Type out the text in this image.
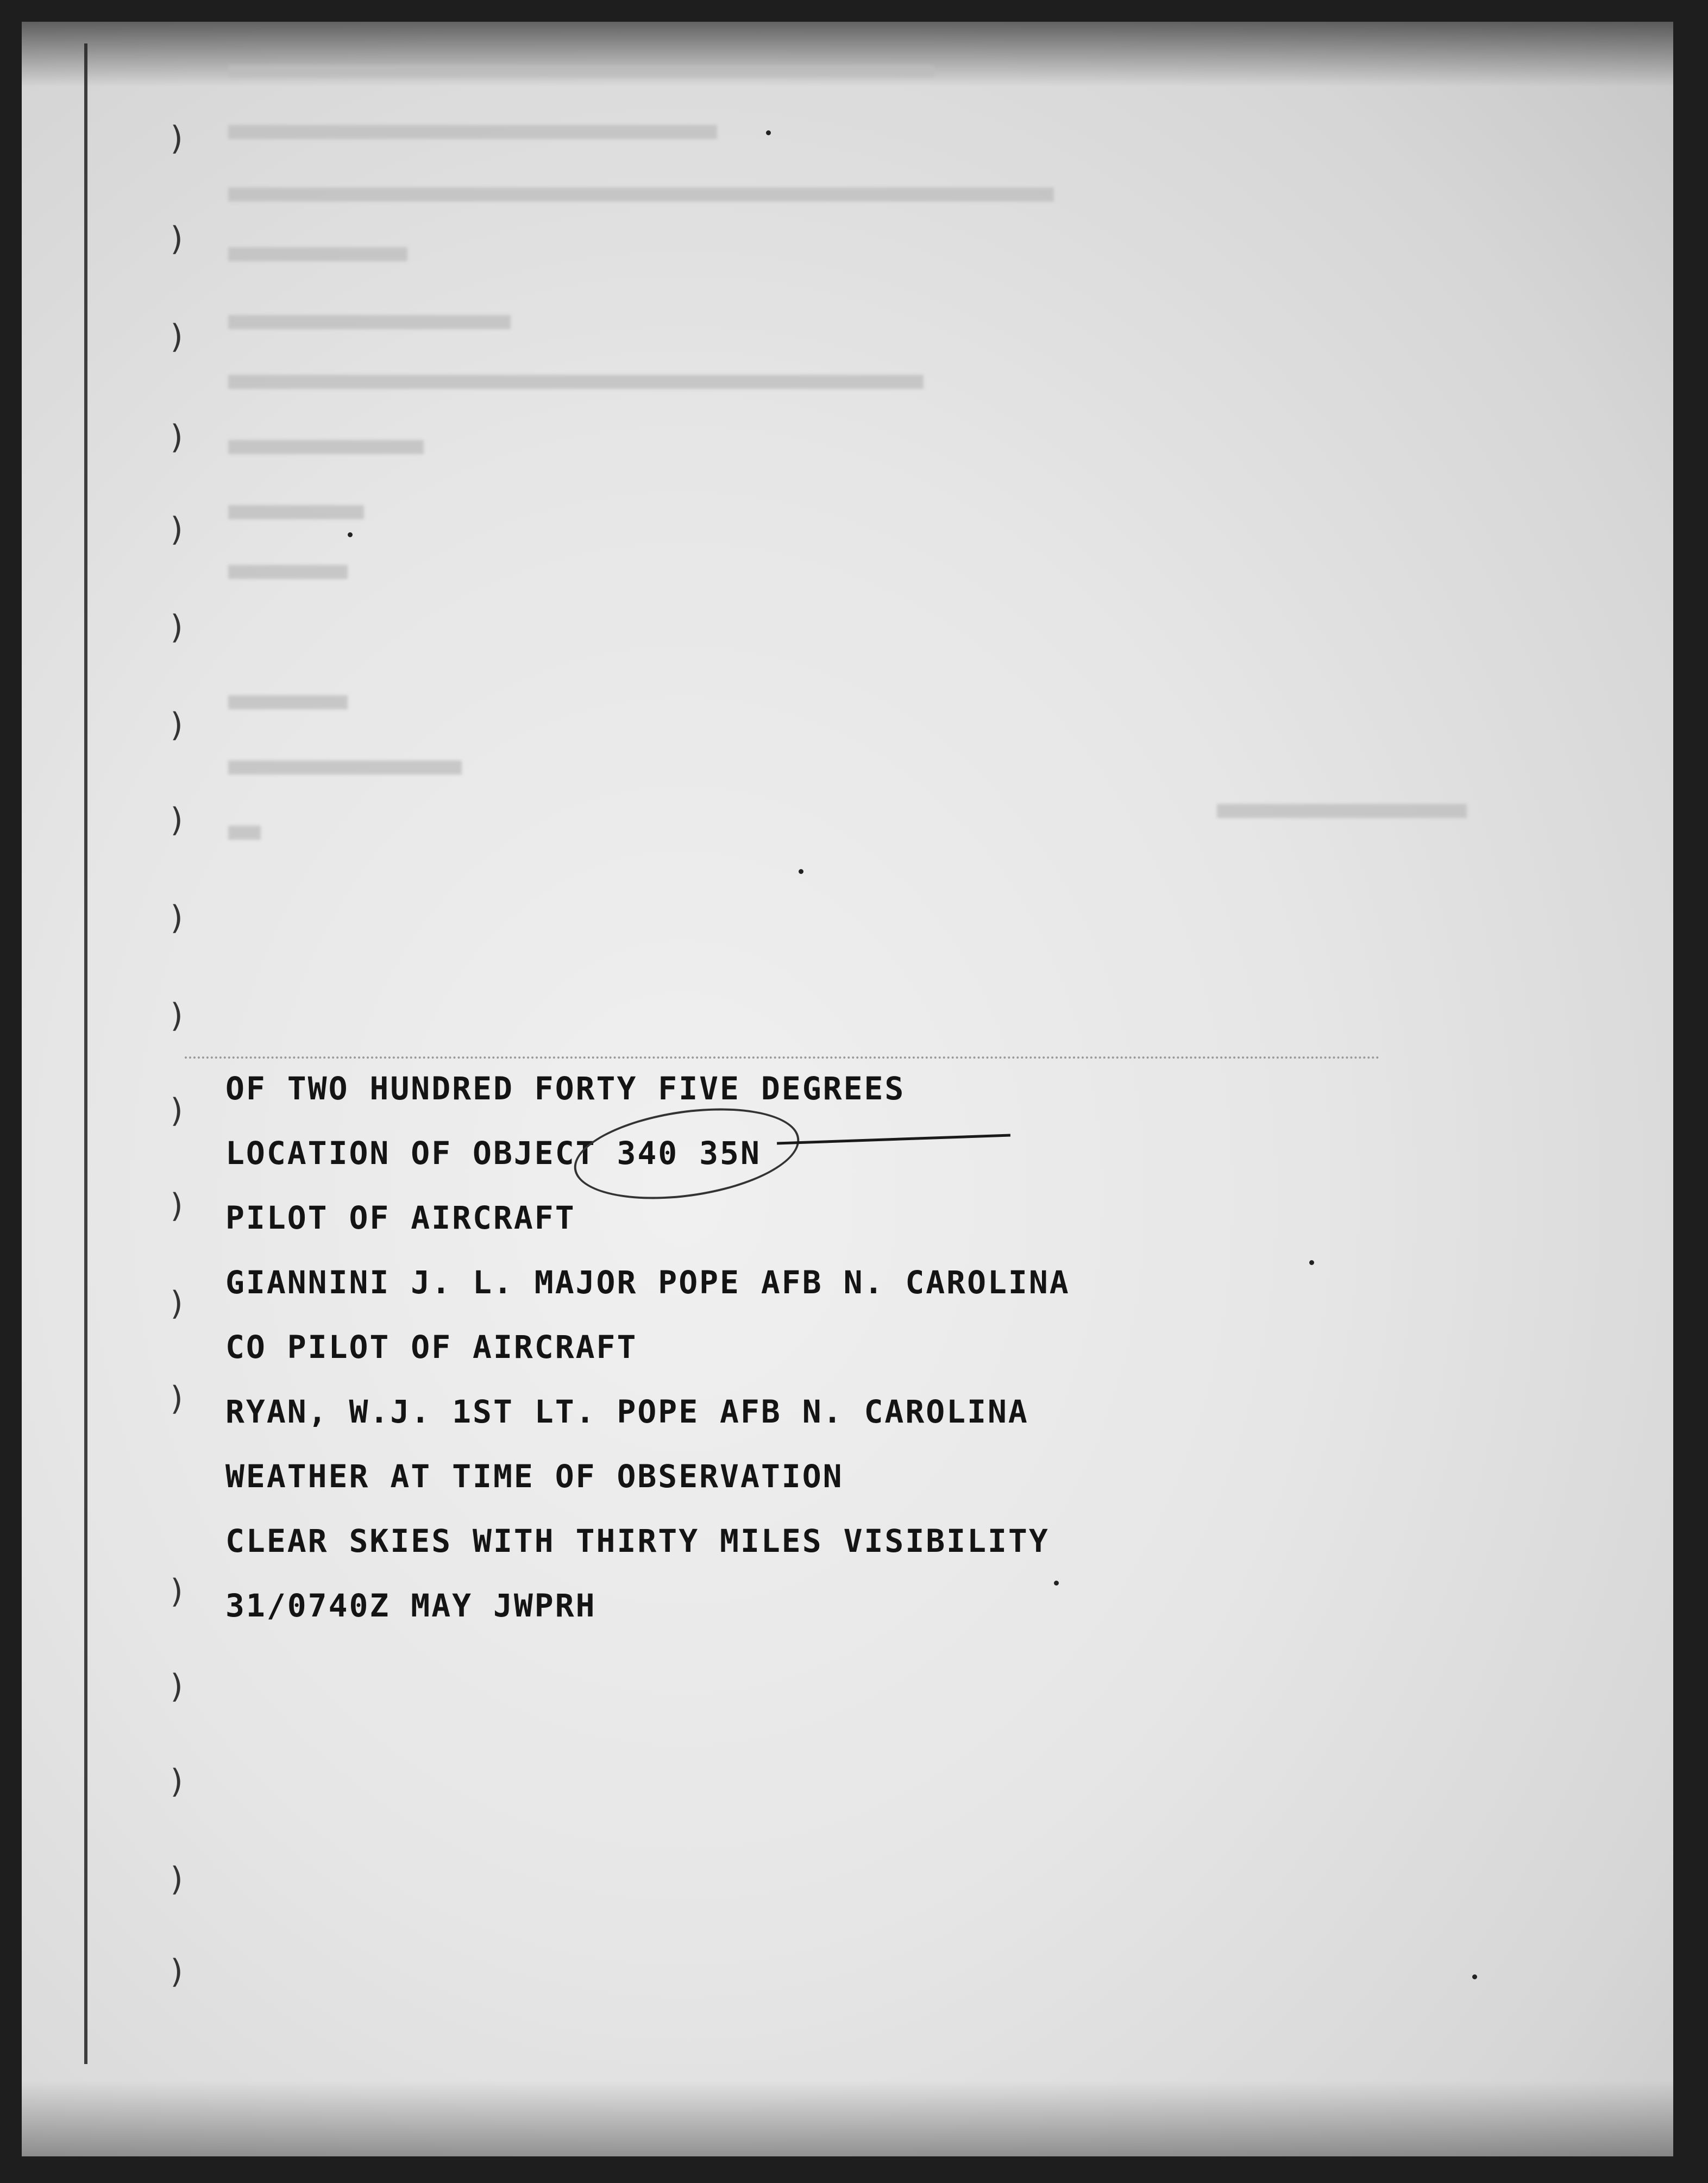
)
)
)
)
)
)
)
)
)
)
)
)
)
)
)
)
)
)
)
OF TWO HUNDRED FORTY FIVE DEGREES
LOCATION OF OBJECT 340 35N
PILOT OF AIRCRAFT
GIANNINI J. L. MAJOR POPE AFB N. CAROLINA
CO PILOT OF AIRCRAFT
RYAN, W.J. 1ST LT. POPE AFB N. CAROLINA
WEATHER AT TIME OF OBSERVATION
CLEAR SKIES WITH THIRTY MILES VISIBILITY
31/0740Z MAY JWPRH
